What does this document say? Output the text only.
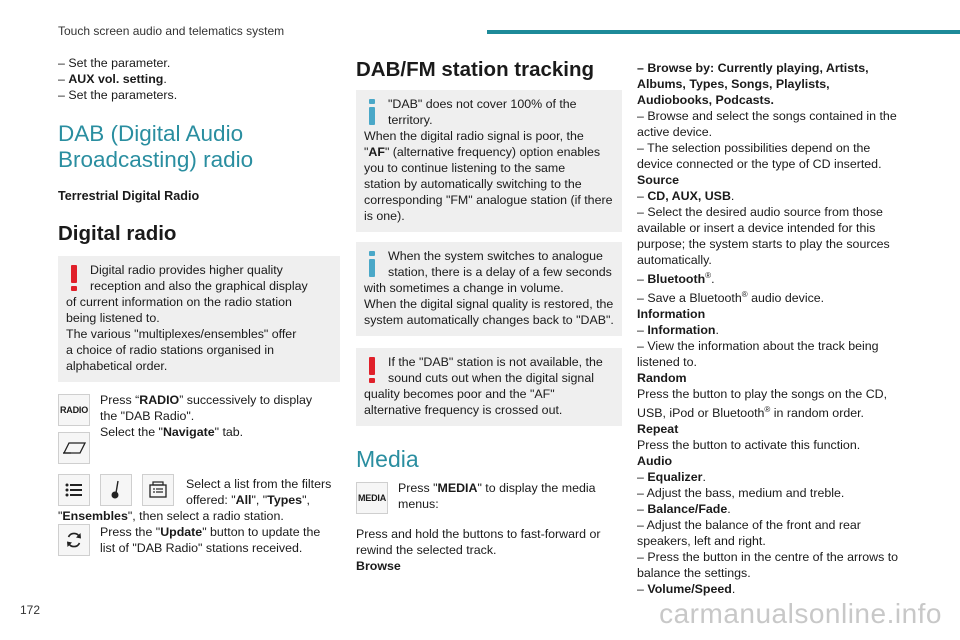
Touch screen audio and telematics system
– Set the parameter.
– AUX vol. setting.
– Set the parameters.
DAB (Digital Audio
Broadcasting) radio
Terrestrial Digital Radio
Digital radio
Digital radio provides higher quality
reception and also the graphical display
of current information on the radio station
being listened to.
The various "multiplexes/ensembles" offer
a choice of radio stations organised in
alphabetical order.
RADIO
Press “RADIO” successively to display
the "DAB Radio".
Select the "Navigate" tab.
Select a list from the filters
offered: "All", "Types",
"Ensembles", then select a radio station.
Press the "Update" button to update the
list of "DAB Radio" stations received.
DAB/FM station tracking
"DAB" does not cover 100% of the
territory.
When the digital radio signal is poor, the
"AF" (alternative frequency) option enables
you to continue listening to the same
station by automatically switching to the
corresponding "FM" analogue station (if there
is one).
When the system switches to analogue
station, there is a delay of a few seconds
with sometimes a change in volume.
When the digital signal quality is restored, the
system automatically changes back to "DAB".
If the "DAB" station is not available, the
sound cuts out when the digital signal
quality becomes poor and the "AF"
alternative frequency is crossed out.
Media
MEDIA
Press "MEDIA" to display the media
menus:
Press and hold the buttons to fast-forward or
rewind the selected track.
Browse
– Browse by: Currently playing, Artists,
Albums, Types, Songs, Playlists,
Audiobooks, Podcasts.
– Browse and select the songs contained in the
active device.
– The selection possibilities depend on the
device connected or the type of CD inserted.
Source
– CD, AUX, USB.
– Select the desired audio source from those
available or insert a device intended for this
purpose; the system starts to play the sources
automatically.
– Bluetooth®.
– Save a Bluetooth® audio device.
Information
– Information.
– View the information about the track being
listened to.
Random
Press the button to play the songs on the CD,
USB, iPod or Bluetooth® in random order.
Repeat
Press the button to activate this function.
Audio
– Equalizer.
– Adjust the bass, medium and treble.
– Balance/Fade.
– Adjust the balance of the front and rear
speakers, left and right.
– Press the button in the centre of the arrows to
balance the settings.
– Volume/Speed.
172	carmanualsonline.info
